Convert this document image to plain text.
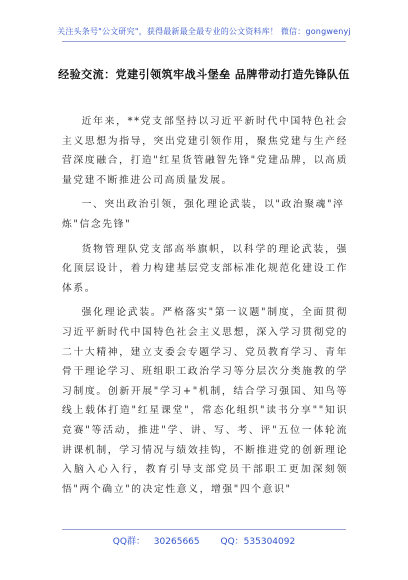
关注头条号"公文研究"，获得最新最全最专业的公文资料库！ 微信：gongwenyj
经验交流：党建引领筑牢战斗堡垒 品牌带动打造先锋队伍

近年来，**党支部坚持以习近平新时代中国特色社会主义思想为指导，突出党建引领作用，聚焦党建与生产经营深度融合，打造"红星货管融智先锋"党建品牌，以高质量党建不断推进公司高质量发展。

一、突出政治引领，强化理论武装，以"政治聚魂"淬炼"信念先锋"

货物管理队党支部高举旗帜，以科学的理论武装，强化顶层设计，着力构建基层党支部标准化规范化建设工作体系。

强化理论武装。严格落实"第一议题"制度，全面贯彻习近平新时代中国特色社会主义思想，深入学习贯彻党的二十大精神，建立支委会专题学习、党员教育学习、青年骨干理论学习、班组职工政治学习等分层次分类施教的学习制度。创新开展"学习+"机制，结合学习强国、知鸟等线上载体打造"红星课堂"，常态化组织"读书分享""知识竞赛"等活动，推进"学、讲、写、考、评"五位一体轮流讲课机制，学习情况与绩效挂钩，不断推进党的创新理论入脑入心入行，教育引导支部党员干部职工更加深刻领悟"两个确立"的决定性意义，增强"四个意识"

QQ群： 30265665 QQ：535304092
